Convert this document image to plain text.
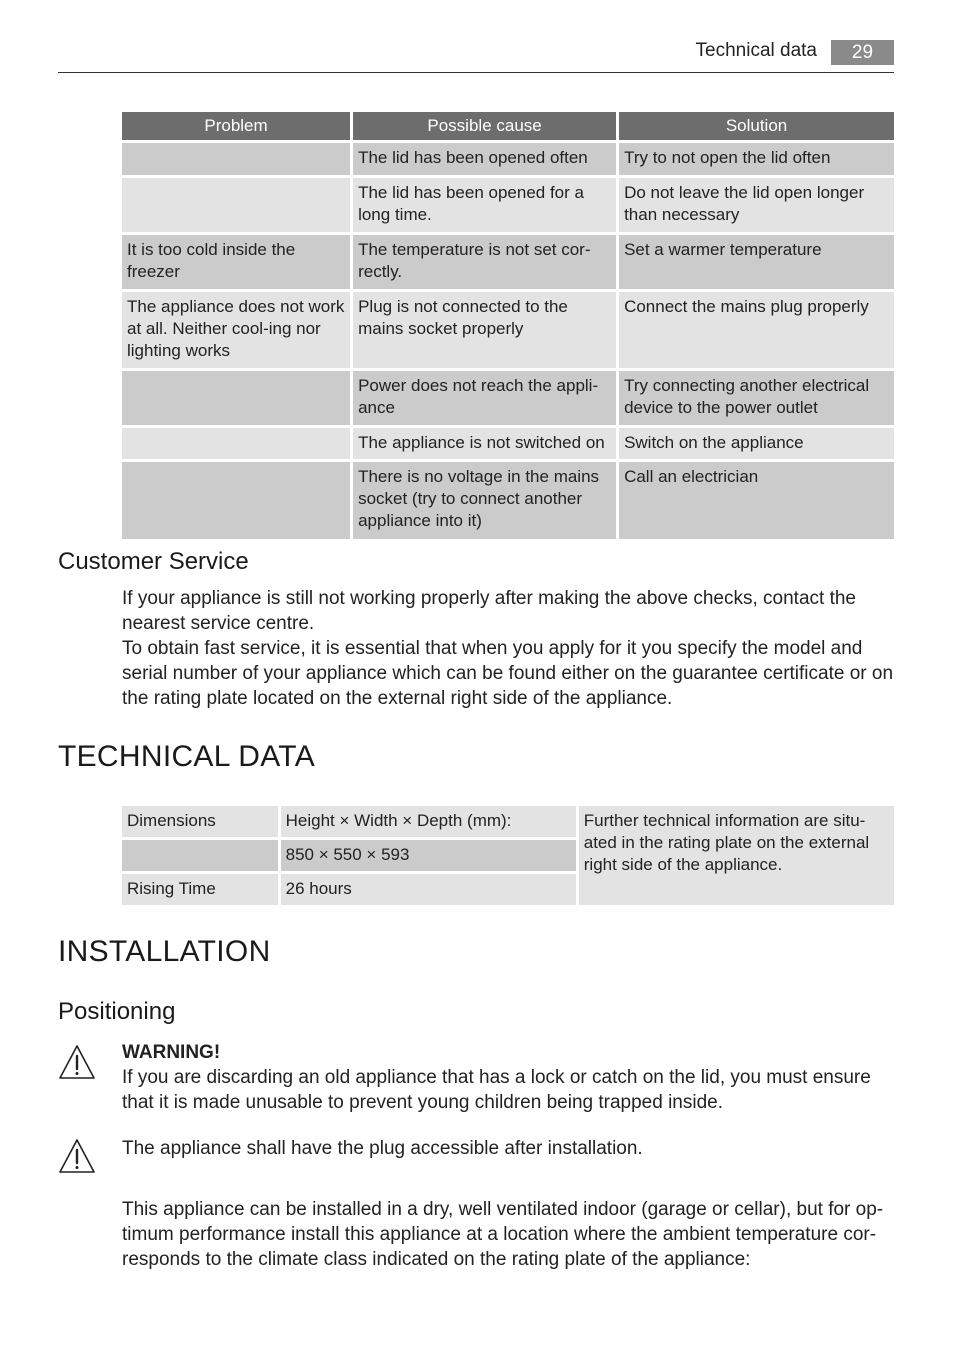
Technical data	29
Problem	Possible cause	Solution
	The lid has been opened often	Try to not open the lid often
	The lid has been opened for a long time.	Do not leave the lid open longer than necessary
It is too cold inside the freezer	The temperature is not set cor-rectly.	Set a warmer temperature
The appliance does not work at all. Neither cool-ing nor lighting works	Plug is not connected to the mains socket properly	Connect the mains plug properly
	Power does not reach the appli-ance	Try connecting another electrical device to the power outlet
	The appliance is not switched on	Switch on the appliance
	There is no voltage in the mains socket (try to connect another appliance into it)	Call an electrician
Customer Service

If your appliance is still not working properly after making the above checks, contact the nearest service centre.

To obtain fast service, it is essential that when you apply for it you specify the model and serial number of your appliance which can be found either on the guarantee certificate or on the rating plate located on the external right side of the appliance.

TECHNICAL DATA
Dimensions	Height × Width × Depth (mm):	Further technical information are situ-ated in the rating plate on the external right side of the appliance.
	850 × 550 × 593	
Rising Time	26 hours	
INSTALLATION
Positioning
WARNING!
If you are discarding an old appliance that has a lock or catch on the lid, you must ensure that it is made unusable to prevent young children being trapped inside.
The appliance shall have the plug accessible after installation.
This appliance can be installed in a dry, well ventilated indoor (garage or cellar), but for op-timum performance install this appliance at a location where the ambient temperature cor-responds to the climate class indicated on the rating plate of the appliance:
